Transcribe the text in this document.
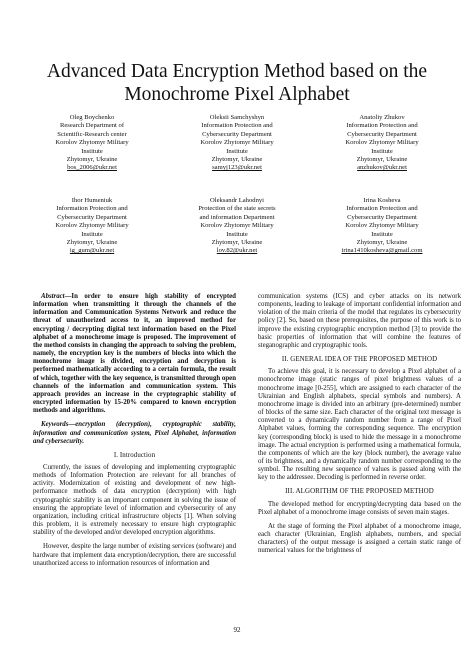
Advanced Data Encryption Method based on the Monochrome Pixel Alphabet
Oleg Boychenko
Research Department of
Scientific-Research center
Korolov Zhytomyr Military
Institute
Zhytomyr, Ukraine
bos_2006@ukr.net
Oleksii Samchyshyn
Information Protection and
Cybersecurity Department
Korolov Zhytomyr Military
Institute
Zhytomyr, Ukraine
samyj123@ukr.net
Anatoliy Zhukov
Information Protection and
Cybersecurity Department
Korolov Zhytomyr Military
Institute
Zhytomyr, Ukraine
anzhukov@ukr.net
Ihor Humeniuk
Information Protection and
Cybersecurity Department
Korolov Zhytomyr Military
Institute
Zhytomyr, Ukraine
ig_gum@ukr.net
Oleksandr Lahodnyi
Protection of the state secrets
and information Department
Korolov Zhytomyr Military
Institute
Zhytomyr, Ukraine
lov.82@ukr.net
Irina Kosheva
Information Protection and
Cybersecurity Department
Korolov Zhytomyr Military
Institute
Zhytomyr, Ukraine
irina1410kosheva@gmail.com

Abstract—In order to ensure high stability of encrypted information when transmitting it through the channels of the information and Communication Systems Network and reduce the threat of unauthorized access to it, an improved method for encrypting / decrypting digital text information based on the Pixel alphabet of a monochrome image is proposed. The improvement of the method consists in changing the approach to solving the problem, namely, the encryption key is the numbers of blocks into which the monochrome image is divided, encryption and decryption is performed mathematically according to a certain formula, the result of which, together with the key sequence, is transmitted through open channels of the information and communication system. This approach provides an increase in the cryptographic stability of encrypted information by 15-20% compared to known encryption methods and algorithms.

Keywords—encryption (decryption), cryptographic stability, information and communication system, Pixel Alphabet, information and cybersecurity.

I. Introduction

Currently, the issues of developing and implementing cryptographic methods of Information Protection are relevant for all branches of activity. Modernization of existing and development of new high-performance methods of data encryption (decryption) with high cryptographic stability is an important component in solving the issue of ensuring the appropriate level of information and cybersecurity of any organization, including critical infrastructure objects [1]. When solving this problem, it is extremely necessary to ensure high cryptographic stability of the developed and/or developed encryption algorithms.

However, despite the large number of existing services (software) and hardware that implement data encryption/decryption, there are successful unauthorized access to information resources of information and

communication systems (ICS) and cyber attacks on its network components, leading to leakage of important confidential information and violation of the main criteria of the model that regulates its cybersecurity policy [2]. So, based on these prerequisites, the purpose of this work is to improve the existing cryptographic encryption method [3] to provide the basic properties of information that will combine the features of steganographic and cryptographic tools.

II. GENERAL IDEA OF THE PROPOSED METHOD

To achieve this goal, it is necessary to develop a Pixel alphabet of a monochrome image (static ranges of pixel brightness values of a monochrome image [0-255], which are assigned to each character of the Ukrainian and English alphabets, special symbols and numbers). A monochrome image is divided into an arbitrary (pre-determined) number of blocks of the same size. Each character of the original text message is converted to a dynamically random number from a range of Pixel Alphabet values, forming the corresponding sequence. The encryption key (corresponding block) is used to hide the message in a monochrome image. The actual encryption is performed using a mathematical formula, the components of which are the key (block number), the average value of its brightness, and a dynamically random number corresponding to the symbol. The resulting new sequence of values is passed along with the key to the addressee. Decoding is performed in reverse order.

III. ALGORITHM OF THE PROPOSED METHOD

The developed method for encrypting/decrypting data based on the Pixel alphabet of a monochrome image consists of seven main stages.

At the stage of forming the Pixel alphabet of a monochrome image, each character (Ukrainian, English alphabets, numbers, and special characters) of the output message is assigned a certain static range of numerical values for the brightness of

92
